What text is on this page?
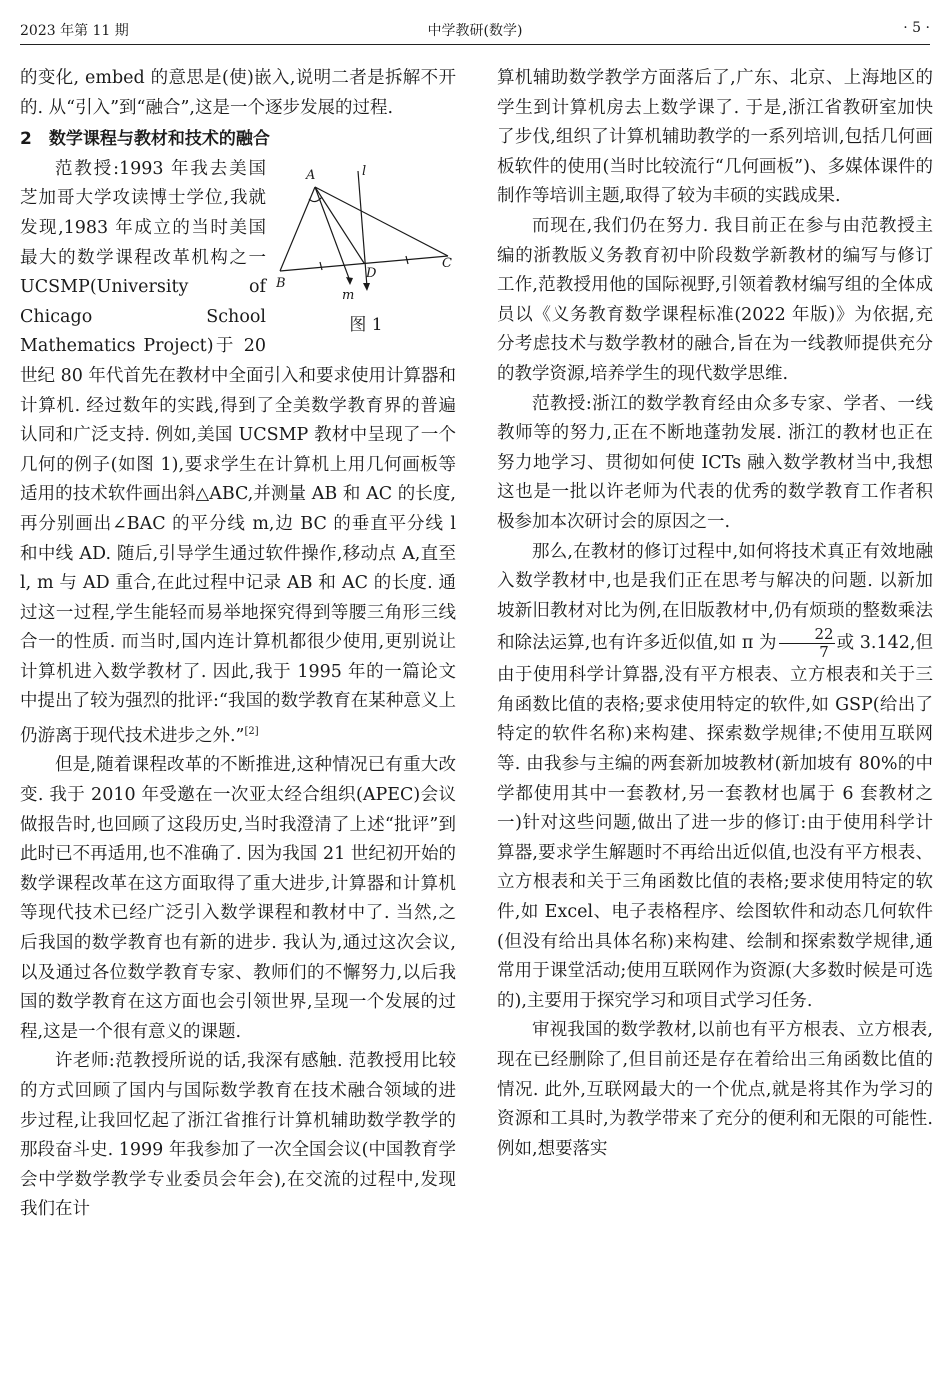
2023 年第 11 期	中学教研(数学)	· 5 ·

的变化, embed 的意思是(使)嵌入,说明二者是拆解不开的. 从“引入”到“融合”,这是一个逐步发展的过程.

2　数学课程与教材和技术的融合

A	l
B
C
D
m
图 1

范教授:1993 年我去美国芝加哥大学攻读博士学位,我就发现,1983 年成立的当时美国最大的数学课程改革机构之一 UCSMP(University of Chicago School Mathematics Project)于 20 世纪 80 年代首先在教材中全面引入和要求使用计算器和计算机. 经过数年的实践,得到了全美数学教育界的普遍认同和广泛支持. 例如,美国 UCSMP 教材中呈现了一个几何的例子(如图 1),要求学生在计算机上用几何画板等适用的技术软件画出斜△ABC,并测量 AB 和 AC 的长度,再分别画出∠BAC 的平分线 m,边 BC 的垂直平分线 l 和中线 AD. 随后,引导学生通过软件操作,移动点 A,直至 l, m 与 AD 重合,在此过程中记录 AB 和 AC 的长度. 通过这一过程,学生能轻而易举地探究得到等腰三角形三线合一的性质. 而当时,国内连计算机都很少使用,更别说让计算机进入数学教材了. 因此,我于 1995 年的一篇论文中提出了较为强烈的批评:“我国的数学教育在某种意义上仍游离于现代技术进步之外.”[2]

但是,随着课程改革的不断推进,这种情况已有重大改变. 我于 2010 年受邀在一次亚太经合组织(APEC)会议做报告时,也回顾了这段历史,当时我澄清了上述“批评”到此时已不再适用,也不准确了. 因为我国 21 世纪初开始的数学课程改革在这方面取得了重大进步,计算器和计算机等现代技术已经广泛引入数学课程和教材中了. 当然,之后我国的数学教育也有新的进步. 我认为,通过这次会议,以及通过各位数学教育专家、教师们的不懈努力,以后我国的数学教育在这方面也会引领世界,呈现一个发展的过程,这是一个很有意义的课题.

许老师:范教授所说的话,我深有感触. 范教授用比较的方式回顾了国内与国际数学教育在技术融合领域的进步过程,让我回忆起了浙江省推行计算机辅助数学教学的那段奋斗史. 1999 年我参加了一次全国会议(中国教育学会中学数学教学专业委员会年会),在交流的过程中,发现我们在计

算机辅助数学教学方面落后了,广东、北京、上海地区的学生到计算机房去上数学课了. 于是,浙江省教研室加快了步伐,组织了计算机辅助教学的一系列培训,包括几何画板软件的使用(当时比较流行“几何画板”)、多媒体课件的制作等培训主题,取得了较为丰硕的实践成果.

而现在,我们仍在努力. 我目前正在参与由范教授主编的浙教版义务教育初中阶段数学新教材的编写与修订工作,范教授用他的国际视野,引领着教材编写组的全体成员以《义务教育数学课程标准(2022 年版)》为依据,充分考虑技术与数学教材的融合,旨在为一线教师提供充分的教学资源,培养学生的现代数学思维.

范教授:浙江的数学教育经由众多专家、学者、一线教师等的努力,正在不断地蓬勃发展. 浙江的教材也正在努力地学习、贯彻如何使 ICTs 融入数学教材当中,我想这也是一批以许老师为代表的优秀的数学教育工作者积极参加本次研讨会的原因之一.

那么,在教材的修订过程中,如何将技术真正有效地融入数学教材中,也是我们正在思考与解决的问题. 以新加坡新旧教材对比为例,在旧版教材中,仍有烦琐的整数乘法和除法运算,也有许多近似值,如 π 为 $\frac{22}{7}$ 或 3.142,但由于使用科学计算器,没有平方根表、立方根表和关于三角函数比值的表格;要求使用特定的软件,如 GSP(给出了特定的软件名称)来构建、探索数学规律;不使用互联网等. 由我参与主编的两套新加坡教材(新加坡有 80%的中学都使用其中一套教材,另一套教材也属于 6 套教材之一)针对这些问题,做出了进一步的修订:由于使用科学计算器,要求学生解题时不再给出近似值,也没有平方根表、立方根表和关于三角函数比值的表格;要求使用特定的软件,如 Excel、电子表格程序、绘图软件和动态几何软件(但没有给出具体名称)来构建、绘制和探索数学规律,通常用于课堂活动;使用互联网作为资源(大多数时候是可选的),主要用于探究学习和项目式学习任务.

审视我国的数学教材,以前也有平方根表、立方根表,现在已经删除了,但目前还是存在着给出三角函数比值的情况. 此外,互联网最大的一个优点,就是将其作为学习的资源和工具时,为教学带来了充分的便利和无限的可能性. 例如,想要落实
